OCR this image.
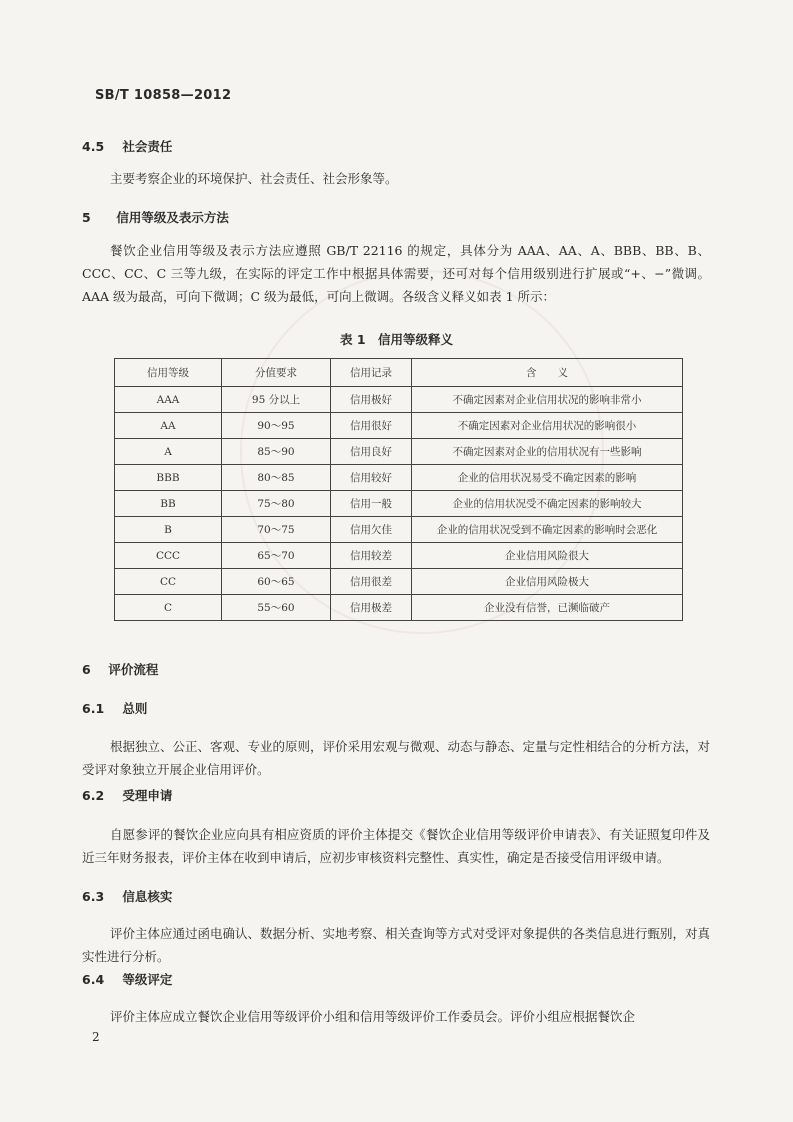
SB/T 10858—2012
4.5 社会责任
主要考察企业的环境保护、社会责任、社会形象等。
5 信用等级及表示方法
餐饮企业信用等级及表示方法应遵照 GB/T 22116 的规定，具体分为 AAA、AA、A、BBB、BB、B、CCC、CC、C 三等九级，在实际的评定工作中根据具体需要，还可对每个信用级别进行扩展或“+、−”微调。AAA 级为最高，可向下微调；C 级为最低，可向上微调。各级含义释义如表 1 所示：
表 1　信用等级释义
信用等级	分值要求	信用记录	含　　义
AAA	95 分以上	信用极好	不确定因素对企业信用状况的影响非常小
AA	90～95	信用很好	不确定因素对企业信用状况的影响很小
A	85～90	信用良好	不确定因素对企业的信用状况有一些影响
BBB	80～85	信用较好	企业的信用状况易受不确定因素的影响
BB	75～80	信用一般	企业的信用状况受不确定因素的影响较大
B	70～75	信用欠佳	企业的信用状况受到不确定因素的影响时会恶化
CCC	65～70	信用较差	企业信用风险很大
CC	60～65	信用很差	企业信用风险极大
C	55～60	信用极差	企业没有信誉，已濒临破产
6 评价流程
6.1 总则
根据独立、公正、客观、专业的原则，评价采用宏观与微观、动态与静态、定量与定性相结合的分析方法，对受评对象独立开展企业信用评价。
6.2 受理申请
自愿参评的餐饮企业应向具有相应资质的评价主体提交《餐饮企业信用等级评价申请表》、有关证照复印件及近三年财务报表，评价主体在收到申请后，应初步审核资料完整性、真实性，确定是否接受信用评级申请。
6.3 信息核实
评价主体应通过函电确认、数据分析、实地考察、相关查询等方式对受评对象提供的各类信息进行甄别，对真实性进行分析。
6.4 等级评定
评价主体应成立餐饮企业信用等级评价小组和信用等级评价工作委员会。评价小组应根据餐饮企
2
